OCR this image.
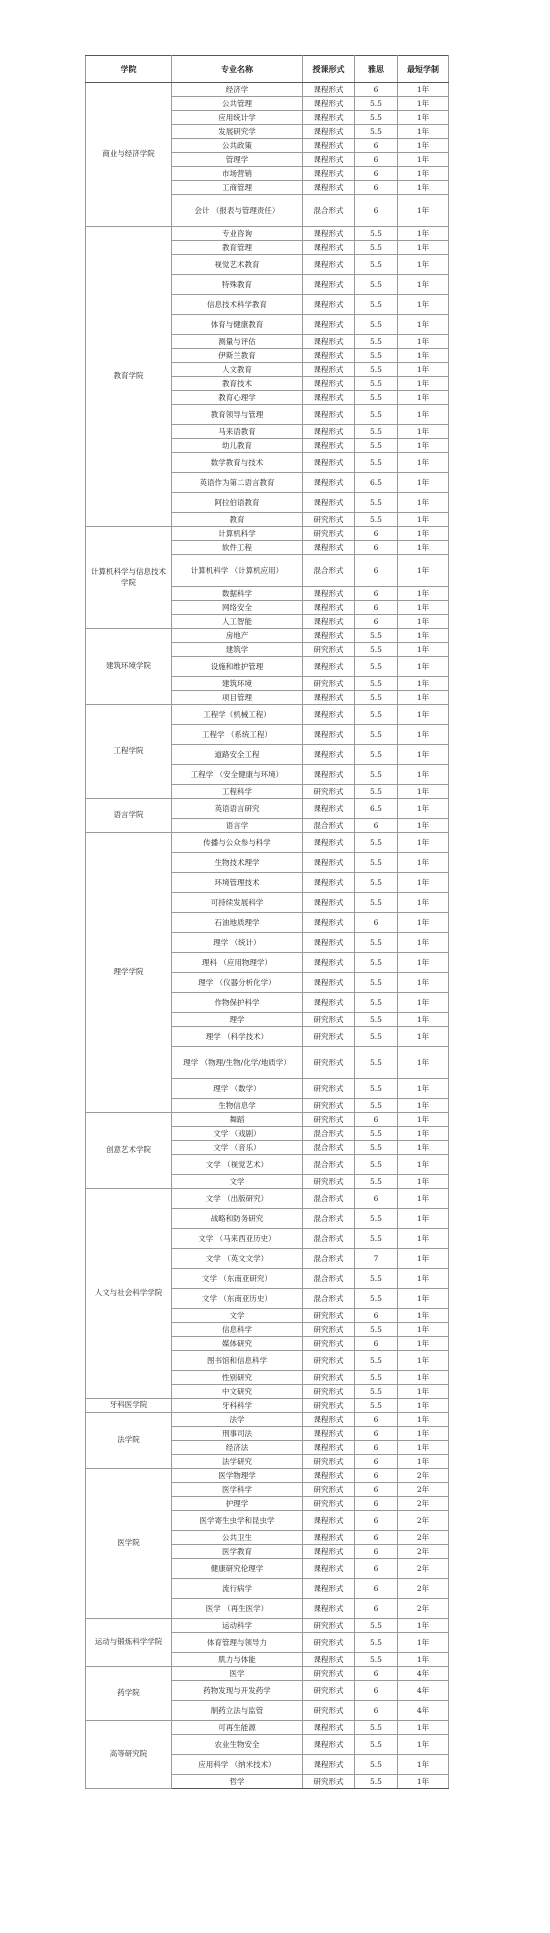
学院	专业名称	授课形式	雅思	最短学制
商业与经济学院	经济学	课程形式	6	1年
	公共管理	课程形式	5.5	1年
	应用统计学	课程形式	5.5	1年
	发展研究学	课程形式	5.5	1年
	公共政策	课程形式	6	1年
	管理学	课程形式	6	1年
	市场营销	课程形式	6	1年
	工商管理	课程形式	6	1年
	会计 （报表与管理责任）	混合形式	6	1年
教育学院	专业咨询	课程形式	5.5	1年
	教育管理	课程形式	5.5	1年
	视觉艺术教育	课程形式	5.5	1年
	特殊教育	课程形式	5.5	1年
	信息技术科学教育	课程形式	5.5	1年
	体育与健康教育	课程形式	5.5	1年
	测量与评估	课程形式	5.5	1年
	伊斯兰教育	课程形式	5.5	1年
	人文教育	课程形式	5.5	1年
	教育技术	课程形式	5.5	1年
	教育心理学	课程形式	5.5	1年
	教育领导与管理	课程形式	5.5	1年
	马来语教育	课程形式	5.5	1年
	幼儿教育	课程形式	5.5	1年
	数学教育与技术	课程形式	5.5	1年
	英语作为第二语言教育	课程形式	6.5	1年
	阿拉伯语教育	课程形式	5.5	1年
	教育	研究形式	5.5	1年
计算机科学与信息技术学院	计算机科学	研究形式	6	1年
	软件工程	课程形式	6	1年
	计算机科学 （计算机应用）	混合形式	6	1年
	数据科学	课程形式	6	1年
	网络安全	课程形式	6	1年
	人工智能	课程形式	6	1年
建筑环境学院	房地产	课程形式	5.5	1年
	建筑学	研究形式	5.5	1年
	设施和维护管理	课程形式	5.5	1年
	建筑环境	研究形式	5.5	1年
	项目管理	课程形式	5.5	1年
工程学院	工程学（机械工程）	课程形式	5.5	1年
	工程学 （系统工程）	课程形式	5.5	1年
	道路安全工程	课程形式	5.5	1年
	工程学 （安全健康与环境）	课程形式	5.5	1年
	工程科学	研究形式	5.5	1年
语言学院	英语语言研究	课程形式	6.5	1年
	语言学	混合形式	6	1年
理学学院	传播与公众参与科学	课程形式	5.5	1年
	生物技术理学	课程形式	5.5	1年
	环境管理技术	课程形式	5.5	1年
	可持续发展科学	课程形式	5.5	1年
	石油地质理学	课程形式	6	1年
	理学 （统计）	课程形式	5.5	1年
	理科 （应用物理学）	课程形式	5.5	1年
	理学 （仪器分析化学）	课程形式	5.5	1年
	作物保护科学	课程形式	5.5	1年
	理学	研究形式	5.5	1年
	理学 （科学技术）	研究形式	5.5	1年
	理学 （物理/生物/化学/地质学）	研究形式	5.5	1年
	理学 （数学）	研究形式	5.5	1年
	生物信息学	研究形式	5.5	1年
创意艺术学院	舞蹈	研究形式	6	1年
	文学 （戏剧）	混合形式	5.5	1年
	文学 （音乐）	混合形式	5.5	1年
	文学 （视觉艺术）	混合形式	5.5	1年
	文学	研究形式	5.5	1年
人文与社会科学学院	文学 （出版研究）	混合形式	6	1年
	战略和防务研究	混合形式	5.5	1年
	文学 （马来西亚历史）	混合形式	5.5	1年
	文学 （英文文学）	混合形式	7	1年
	文学 （东南亚研究）	混合形式	5.5	1年
	文学 （东南亚历史）	混合形式	5.5	1年
	文学	研究形式	6	1年
	信息科学	研究形式	5.5	1年
	媒体研究	研究形式	6	1年
	图书馆和信息科学	研究形式	5.5	1年
	性别研究	研究形式	5.5	1年
	中文研究	研究形式	5.5	1年
牙科医学院	牙科科学	研究形式	5.5	1年
法学院	法学	课程形式	6	1年
	刑事司法	课程形式	6	1年
	经济法	课程形式	6	1年
	法学研究	研究形式	6	1年
医学院	医学物理学	课程形式	6	2年
	医学科学	研究形式	6	2年
	护理学	研究形式	6	2年
	医学寄生虫学和昆虫学	课程形式	6	2年
	公共卫生	课程形式	6	2年
	医学教育	课程形式	6	2年
	健康研究伦理学	课程形式	6	2年
	流行病学	课程形式	6	2年
	医学 （再生医学）	课程形式	6	2年
运动与锻炼科学学院	运动科学	研究形式	5.5	1年
	体育管理与领导力	研究形式	5.5	1年
	肌力与体能	课程形式	5.5	1年
药学院	医学	研究形式	6	4年
	药物发现与开发药学	研究形式	6	4年
	制药立法与监管	研究形式	6	4年
高等研究院	可再生能源	课程形式	5.5	1年
	农业生物安全	课程形式	5.5	1年
	应用科学 （纳米技术）	课程形式	5.5	1年
	哲学	研究形式	5.5	1年
